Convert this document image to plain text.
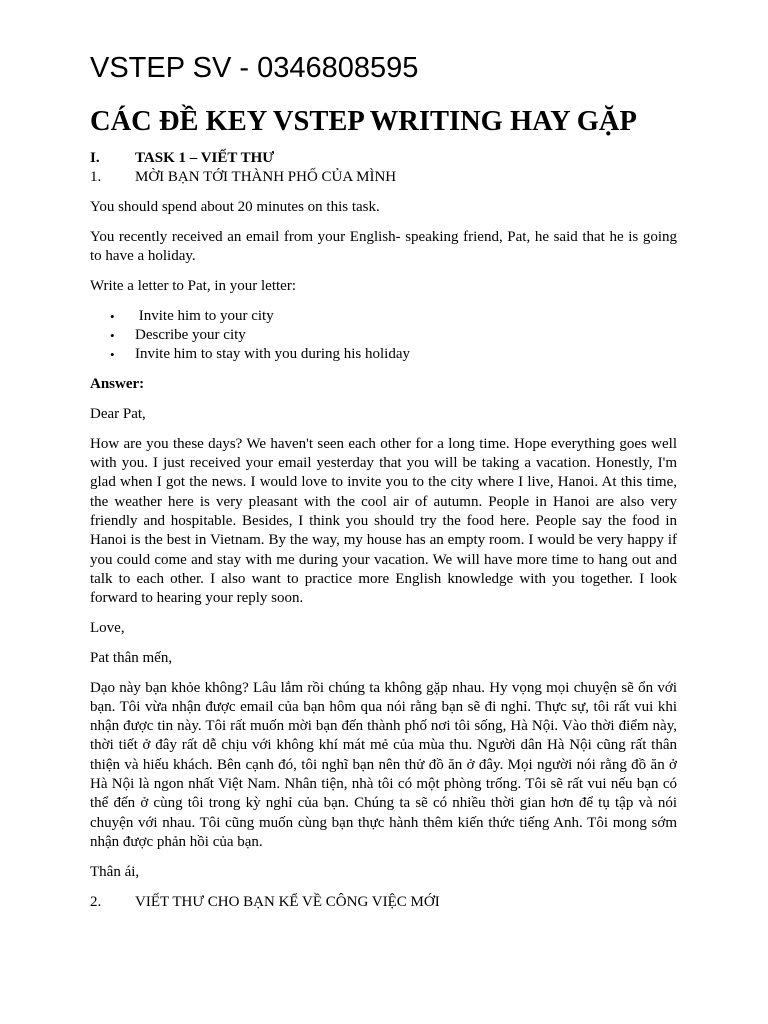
VSTEP SV - 0346808595
CÁC ĐỀ KEY VSTEP WRITING HAY GẶP
I.	TASK 1 – VIẾT THƯ
1.	MỜI BẠN TỚI THÀNH PHỐ CỦA MÌNH

You should spend about 20 minutes on this task.

You recently received an email from your English- speaking friend, Pat, he said that he is going to have a holiday.

Write a letter to Pat, in your letter:

•	Invite him to your city
•	Describe your city
•	Invite him to stay with you during his holiday

Answer:

Dear Pat,

How are you these days? We haven't seen each other for a long time. Hope everything goes well with you. I just received your email yesterday that you will be taking a vacation. Honestly, I'm glad when I got the news. I would love to invite you to the city where I live, Hanoi. At this time, the weather here is very pleasant with the cool air of autumn. People in Hanoi are also very friendly and hospitable. Besides, I think you should try the food here. People say the food in Hanoi is the best in Vietnam. By the way, my house has an empty room. I would be very happy if you could come and stay with me during your vacation. We will have more time to hang out and talk to each other. I also want to practice more English knowledge with you together. I look forward to hearing your reply soon.

Love,

Pat thân mến,

Dạo này bạn khỏe không? Lâu lắm rồi chúng ta không gặp nhau. Hy vọng mọi chuyện sẽ ổn với bạn. Tôi vừa nhận được email của bạn hôm qua nói rằng bạn sẽ đi nghỉ. Thực sự, tôi rất vui khi nhận được tin này. Tôi rất muốn mời bạn đến thành phố nơi tôi sống, Hà Nội. Vào thời điểm này, thời tiết ở đây rất dễ chịu với không khí mát mẻ của mùa thu. Người dân Hà Nội cũng rất thân thiện và hiếu khách. Bên cạnh đó, tôi nghĩ bạn nên thử đồ ăn ở đây. Mọi người nói rằng đồ ăn ở Hà Nội là ngon nhất Việt Nam. Nhân tiện, nhà tôi có một phòng trống. Tôi sẽ rất vui nếu bạn có thể đến ở cùng tôi trong kỳ nghỉ của bạn. Chúng ta sẽ có nhiều thời gian hơn để tụ tập và nói chuyện với nhau. Tôi cũng muốn cùng bạn thực hành thêm kiến thức tiếng Anh. Tôi mong sớm nhận được phản hồi của bạn.

Thân ái,

2.	VIẾT THƯ CHO BẠN KỂ VỀ CÔNG VIỆC MỚI
